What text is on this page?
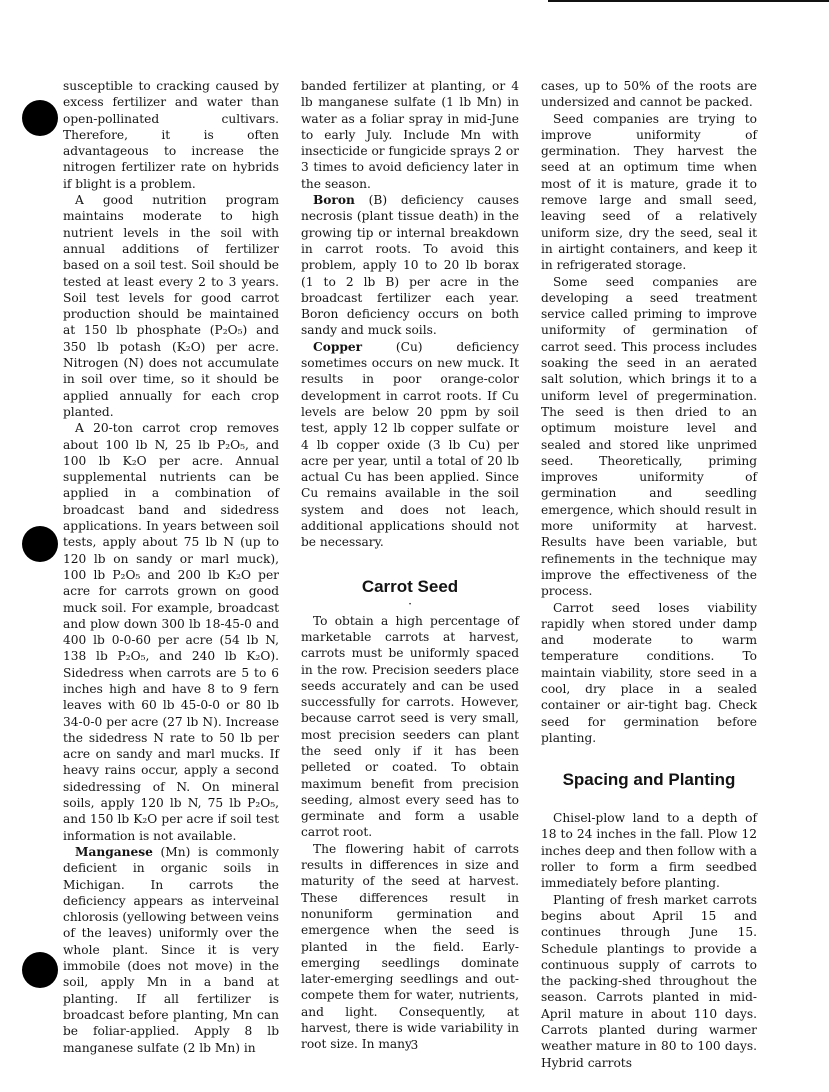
susceptible to cracking caused by excess fertilizer and water than open-pollinated cultivars. Therefore, it is often advantageous to increase the nitrogen fertilizer rate on hybrids if blight is a problem.

A good nutrition program maintains moderate to high nutrient levels in the soil with annual additions of fertilizer based on a soil test. Soil should be tested at least every 2 to 3 years. Soil test levels for good carrot production should be maintained at 150 lb phosphate (P₂O₅) and 350 lb potash (K₂O) per acre. Nitrogen (N) does not accumulate in soil over time, so it should be applied annually for each crop planted.

A 20-ton carrot crop removes about 100 lb N, 25 lb P₂O₅, and 100 lb K₂O per acre. Annual supplemental nutrients can be applied in a combination of broadcast band and sidedress applications. In years between soil tests, apply about 75 lb N (up to 120 lb on sandy or marl muck), 100 lb P₂O₅ and 200 lb K₂O per acre for carrots grown on good muck soil. For example, broadcast and plow down 300 lb 18-45-0 and 400 lb 0-0-60 per acre (54 lb N, 138 lb P₂O₅, and 240 lb K₂O). Sidedress when carrots are 5 to 6 inches high and have 8 to 9 fern leaves with 60 lb 45-0-0 or 80 lb 34-0-0 per acre (27 lb N). Increase the sidedress N rate to 50 lb per acre on sandy and marl mucks. If heavy rains occur, apply a second sidedressing of N. On mineral soils, apply 120 lb N, 75 lb P₂O₅, and 150 lb K₂O per acre if soil test information is not available.

Manganese (Mn) is commonly deficient in organic soils in Michigan. In carrots the deficiency appears as interveinal chlorosis (yellowing between veins of the leaves) uniformly over the whole plant. Since it is very immobile (does not move) in the soil, apply Mn in a band at planting. If all fertilizer is broadcast before planting, Mn can be foliar-applied. Apply 8 lb manganese sulfate (2 lb Mn) in

banded fertilizer at planting, or 4 lb manganese sulfate (1 lb Mn) in water as a foliar spray in mid-June to early July. Include Mn with insecticide or fungicide sprays 2 or 3 times to avoid deficiency later in the season.

Boron (B) deficiency causes necrosis (plant tissue death) in the growing tip or internal breakdown in carrot roots. To avoid this problem, apply 10 to 20 lb borax (1 to 2 lb B) per acre in the broadcast fertilizer each year. Boron deficiency occurs on both sandy and muck soils.

Copper (Cu) deficiency sometimes occurs on new muck. It results in poor orange-color development in carrot roots. If Cu levels are below 20 ppm by soil test, apply 12 lb copper sulfate or 4 lb copper oxide (3 lb Cu) per acre per year, until a total of 20 lb actual Cu has been applied. Since Cu remains available in the soil system and does not leach, additional applications should not be necessary.

Carrot Seed
·

To obtain a high percentage of marketable carrots at harvest, carrots must be uniformly spaced in the row. Precision seeders place seeds accurately and can be used successfully for carrots. However, because carrot seed is very small, most precision seeders can plant the seed only if it has been pelleted or coated. To obtain maximum benefit from precision seeding, almost every seed has to germinate and form a usable carrot root.

The flowering habit of carrots results in differences in size and maturity of the seed at harvest. These differences result in nonuniform germination and emergence when the seed is planted in the field. Early-emerging seedlings dominate later-emerging seedlings and out-compete them for water, nutrients, and light. Consequently, at harvest, there is wide variability in root size. In many

cases, up to 50% of the roots are undersized and cannot be packed.

Seed companies are trying to improve uniformity of germination. They harvest the seed at an optimum time when most of it is mature, grade it to remove large and small seed, leaving seed of a relatively uniform size, dry the seed, seal it in airtight containers, and keep it in refrigerated storage.

Some seed companies are developing a seed treatment service called priming to improve uniformity of germination of carrot seed. This process includes soaking the seed in an aerated salt solution, which brings it to a uniform level of pregermination. The seed is then dried to an optimum moisture level and sealed and stored like unprimed seed. Theoretically, priming improves uniformity of germination and seedling emergence, which should result in more uniformity at harvest. Results have been variable, but refinements in the technique may improve the effectiveness of the process.

Carrot seed loses viability rapidly when stored under damp and moderate to warm temperature conditions. To maintain viability, store seed in a cool, dry place in a sealed container or air-tight bag. Check seed for germination before planting.

Spacing and Planting

Chisel-plow land to a depth of 18 to 24 inches in the fall. Plow 12 inches deep and then follow with a roller to form a firm seedbed immediately before planting.

Planting of fresh market carrots begins about April 15 and continues through June 15. Schedule plantings to provide a continuous supply of carrots to the packing-shed throughout the season. Carrots planted in mid-April mature in about 110 days. Carrots planted during warmer weather mature in 80 to 100 days. Hybrid carrots

3
